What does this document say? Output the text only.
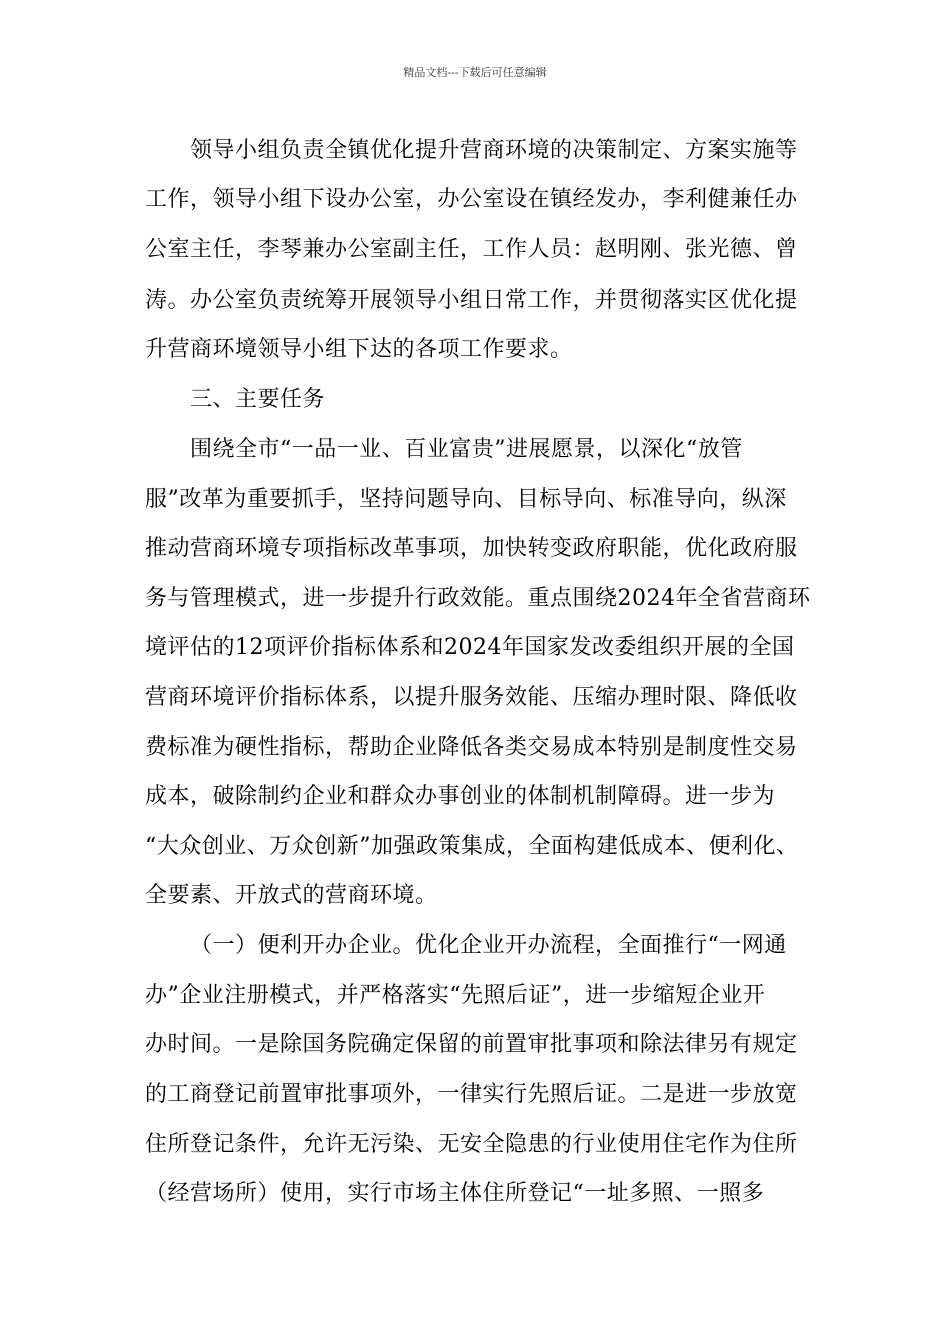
精品文档---下载后可任意编辑
领导小组负责全镇优化提升营商环境的决策制定、方案实施等
工作，领导小组下设办公室，办公室设在镇经发办，李利健兼任办
公室主任，李琴兼办公室副主任，工作人员：赵明刚、张光德、曾
涛。办公室负责统筹开展领导小组日常工作，并贯彻落实区优化提
升营商环境领导小组下达的各项工作要求。
三、主要任务
围绕全市“一品一业、百业富贵”进展愿景，以深化“放管
服”改革为重要抓手，坚持问题导向、目标导向、标准导向，纵深
推动营商环境专项指标改革事项，加快转变政府职能，优化政府服
务与管理模式，进一步提升行政效能。重点围绕2024年全省营商环
境评估的12项评价指标体系和2024年国家发改委组织开展的全国
营商环境评价指标体系，以提升服务效能、压缩办理时限、降低收
费标准为硬性指标，帮助企业降低各类交易成本特别是制度性交易
成本，破除制约企业和群众办事创业的体制机制障碍。进一步为
“大众创业、万众创新”加强政策集成，全面构建低成本、便利化、
全要素、开放式的营商环境。
（一）便利开办企业。优化企业开办流程，全面推行“一网通
办”企业注册模式，并严格落实“先照后证”，进一步缩短企业开
办时间。一是除国务院确定保留的前置审批事项和除法律另有规定
的工商登记前置审批事项外，一律实行先照后证。二是进一步放宽
住所登记条件，允许无污染、无安全隐患的行业使用住宅作为住所
（经营场所）使用，实行市场主体住所登记“一址多照、一照多
